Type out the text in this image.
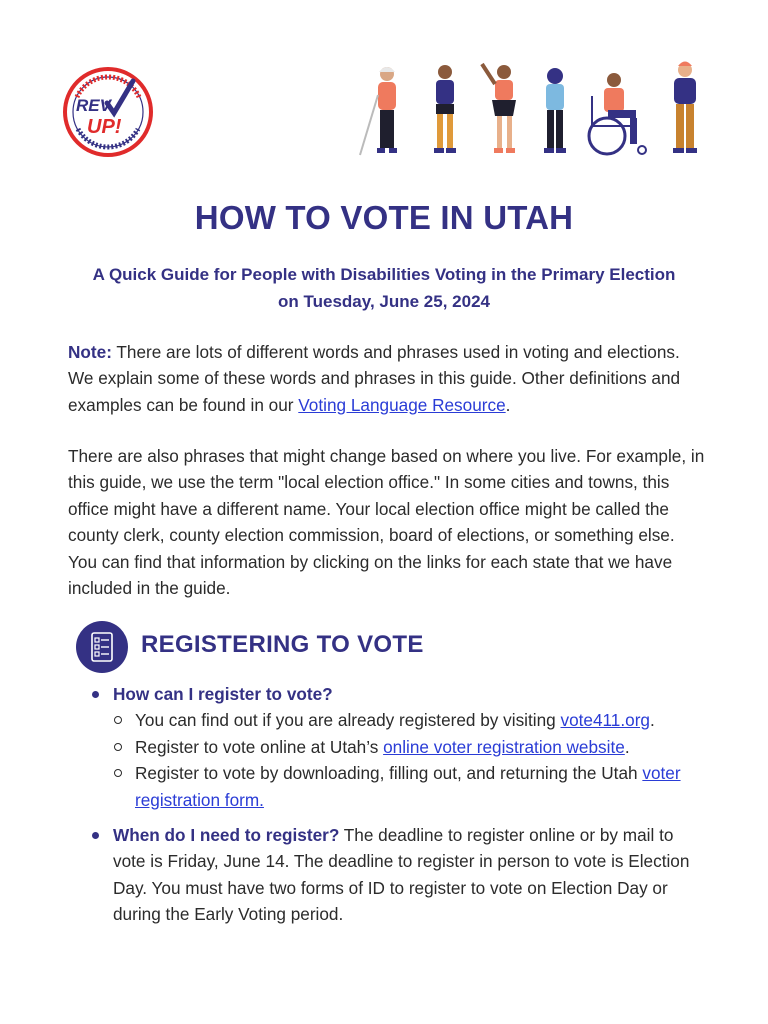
REV
UP!
HOW TO VOTE IN UTAH

A Quick Guide for People with Disabilities Voting in the Primary Election
on Tuesday, June 25, 2024

Note: There are lots of different words and phrases used in voting and elections. We explain some of these words and phrases in this guide. Other definitions and examples can be found in our Voting Language Resource.

There are also phrases that might change based on where you live. For example, in this guide, we use the term "local election office." In some cities and towns, this office might have a different name. Your local election office might be called the county clerk, county election commission, board of elections, or something else. You can find that information by clicking on the links for each state that we have included in the guide.

REGISTERING TO VOTE
How can I register to vote?
You can find out if you are already registered by visiting vote411.org.
Register to vote online at Utah’s online voter registration website.
Register to vote by downloading, filling out, and returning the Utah voter registration form.
When do I need to register? The deadline to register online or by mail to vote is Friday, June 14. The deadline to register in person to vote is Election Day. You must have two forms of ID to register to vote on Election Day or during the Early Voting period.
